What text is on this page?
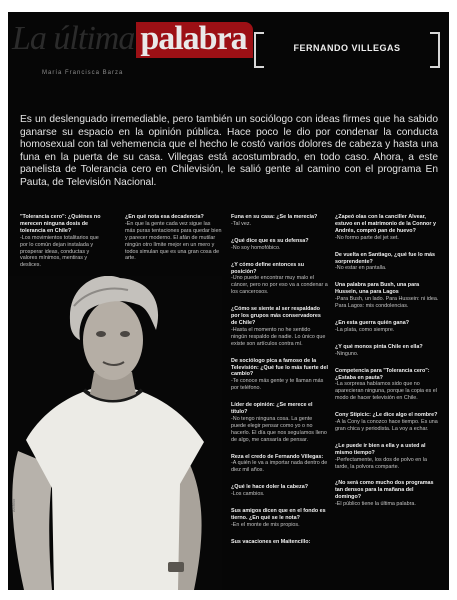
La última palabra
María Francisca Barza
FERNANDO VILLEGAS
Es un deslenguado irremediable, pero también un sociólogo con ideas firmes que ha sabido ganarse su espacio en la opinión pública. Hace poco le dio por condenar la conducta homosexual con tal vehemencia que el hecho le costó varios dolores de cabeza y hasta una funa en la puerta de su casa. Villegas está acostumbrado, en todo caso. Ahora, a este panelista de Tolerancia cero en Chilevisión, le salió gente al camino con el programa En Pauta, de Televisión Nacional.
"Tolerancia cero": ¿Quiénes no merecen ninguna dosis de tolerancia en Chile?
-Los movimientos totalitarios que por lo común dejan instalada y prosperar ideas, conductas y valores mínimos, mentiras y deslices.
¿En qué nota esa decadencia?
-En que la gente cada vez sigue las más puras tentaciones para quedar bien y parecer moderno. El afán de mutilar ningún otro límite mejor en un mero y todos simulan que es una gran cosa de arte.
Funa en su casa: ¿Se la merecía?
-Tal vez.
¿Qué dice que es su defensa?
-No soy homofóbico.
¿Y cómo define entonces su posición?
-Uno puede encontrar muy malo el cáncer, pero no por eso va a condenar a los cancerosos.
¿Cómo se siente al ser respaldado por los grupos más conservadores de Chile?
-Hasta el momento no he sentido ningún respaldo de nadie. Lo único que existe son artículos contra mí.
De sociólogo pica a famoso de la Televisión: ¿Qué fue lo más fuerte del cambio?
-Te conoce más gente y te llaman más por teléfono.
Líder de opinión: ¿Se merece el título?
-No tengo ninguna cosa. La gente puede elegir pensar como yo o no hacerlo. El día que nos seguíamos lleno de algo, me cansaría de pensar.
Reza el credo de Fernando Villegas:
-A quién le va a importar nada dentro de diez mil años.
¿Qué le hace doler la cabeza?
-Los cambios.
Sus amigos dicen que en el fondo es tierno. ¿En qué se le nota?
-En el monte de mis propios.
Sus vacaciones en Maitencillo:
¿Zapeó olas con la canciller Alvear, estuvo en el matrimonio de la Connor y Andrés, compró pan de huevo?
-No formo parte del jet set.
De vuelta en Santiago, ¿qué fue lo más sorprendente?
-No estar en pantalla.
Una palabra para Bush, una para Hussein, una para Lagos
-Para Bush, un lado. Para Hussein: ni idea. Para Lagos: mis condolencias.
¿En esta guerra quién gana?
-La plata, como siempre.
¿Y qué monos pinta Chile en ella?
-Ninguno.
Competencia para "Tolerancia cero": ¿Estaba en pauta?
-La sorpresa habíamos sido que no aparecieran ninguna, porque la copia es el modo de hacer televisión en Chile.
Cony Stipicic: ¿Le dice algo el nombre?
-A la Cony la conozco hace tiempo. Es una gran chica y periodista. La voy a echar.
¿Le puede ir bien a ella y a usted al mismo tiempo?
-Perfectamente, los dos de polvo en la tarde, la polvora comparte.
¿No será como mucho dos programas tan densos para la mañana del domingo?
-El público tiene la última palabra.
Archivo
